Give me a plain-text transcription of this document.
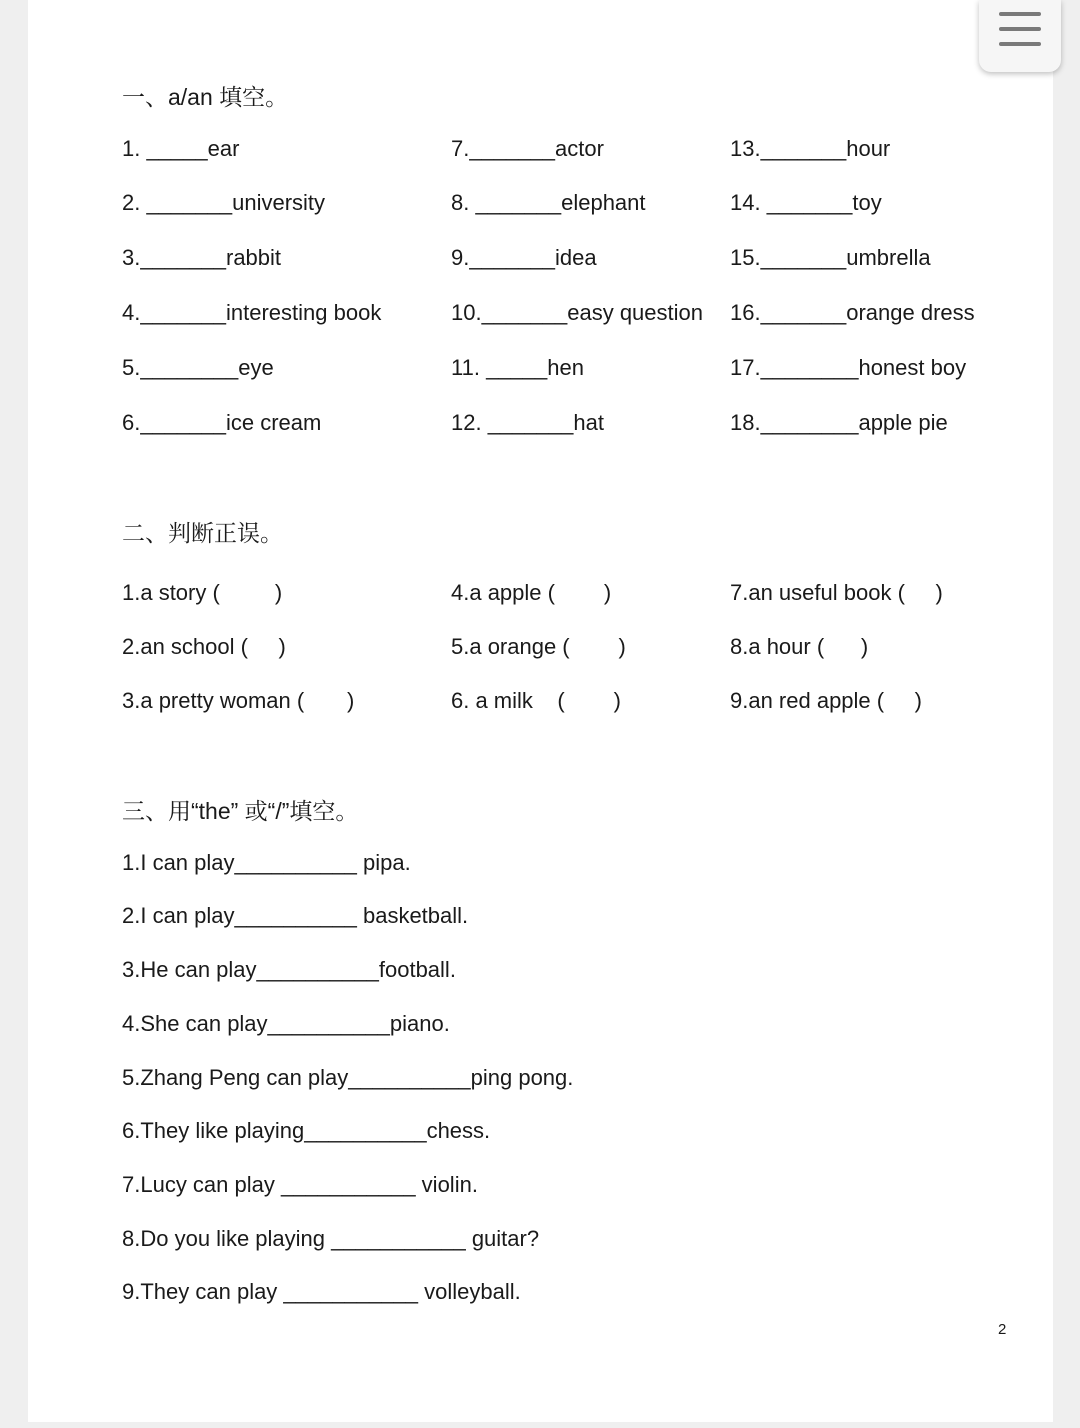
一、a/an 填空。
1. _____ear
2. _______university
3._______rabbit
4._______interesting book
5.________eye
6._______ice cream
7._______actor
8. _______elephant
9._______idea
10._______easy question
11. _____hen
12. _______hat
13._______hour
14. _______toy
15._______umbrella
16._______orange dress
17.________honest boy
18.________apple pie
二、判断正误。
1.a story (         )
2.an school (     )
3.a pretty woman (       )
4.a apple (        )
5.a orange (        )
6. a milk    (        )
7.an useful book (     )
8.a hour (      )
9.an red apple (     )
三、用“the” 或“/”填空。
1.I can play__________ pipa.
2.I can play__________ basketball.
3.He can play__________football.
4.She can play__________piano.
5.Zhang Peng can play__________ping pong.
6.They like playing__________chess.
7.Lucy can play ___________ violin.
8.Do you like playing ___________ guitar?
9.They can play ___________ volleyball.
2
